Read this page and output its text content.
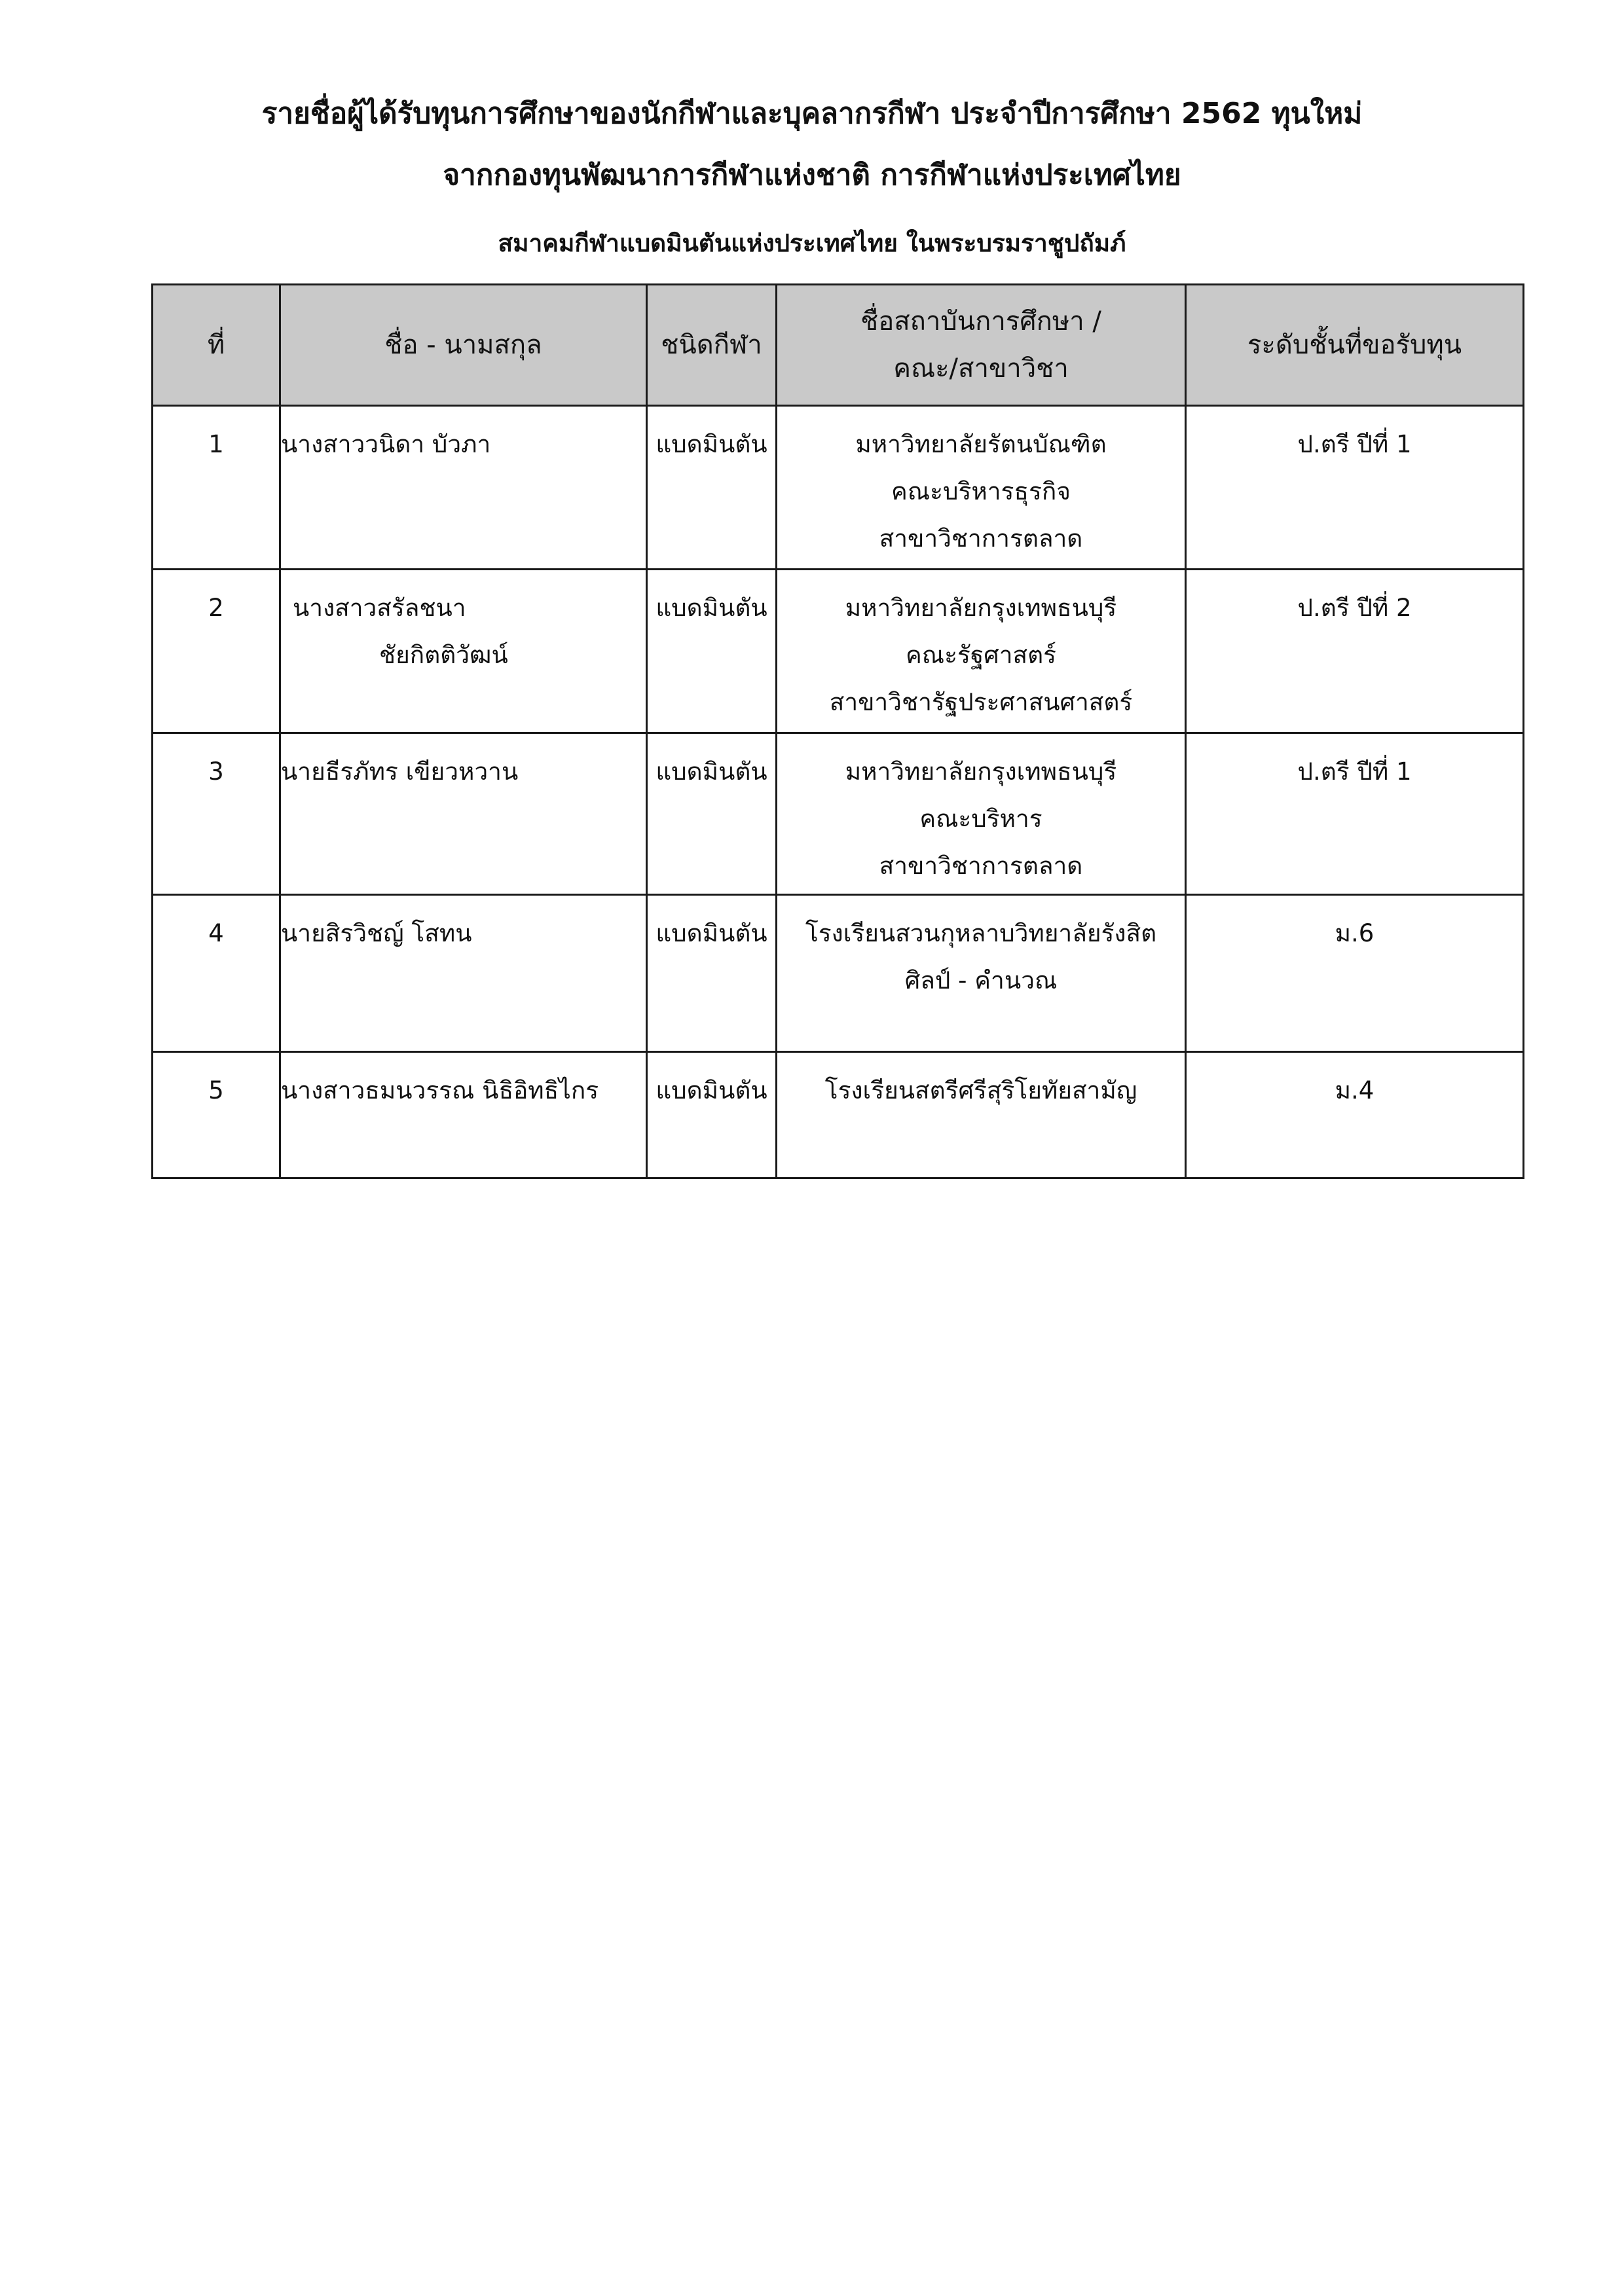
รายชื่อผู้ได้รับทุนการศึกษาของนักกีฬาและบุคลากรกีฬา ประจำปีการศึกษา 2562 ทุนใหม่
จากกองทุนพัฒนาการกีฬาแห่งชาติ การกีฬาแห่งประเทศไทย
สมาคมกีฬาแบดมินตันแห่งประเทศไทย ในพระบรมราชูปถัมภ์
ที่	ชื่อ - นามสกุล	ชนิดกีฬา	ชื่อสถาบันการศึกษา /
คณะ/สาขาวิชา	ระดับชั้นที่ขอรับทุน

1	นางสาววนิดา บัวภา	แบดมินตัน	มหาวิทยาลัยรัตนบัณฑิต
คณะบริหารธุรกิจ
สาขาวิชาการตลาด	ป.ตรี ปีที่ 1

2	นางสาวสรัลชนา
ชัยกิตติวัฒน์	แบดมินตัน	มหาวิทยาลัยกรุงเทพธนบุรี
คณะรัฐศาสตร์
สาขาวิชารัฐประศาสนศาสตร์	ป.ตรี ปีที่ 2

3	นายธีรภัทร เขียวหวาน	แบดมินตัน	มหาวิทยาลัยกรุงเทพธนบุรี
คณะบริหาร
สาขาวิชาการตลาด	ป.ตรี ปีที่ 1

4	นายสิรวิชญ์ โสทน	แบดมินตัน	โรงเรียนสวนกุหลาบวิทยาลัยรังสิต
ศิลป์ - คำนวณ	ม.6

5	นางสาวธมนวรรณ นิธิอิทธิไกร	แบดมินตัน	โรงเรียนสตรีศรีสุริโยทัยสามัญ	ม.4
